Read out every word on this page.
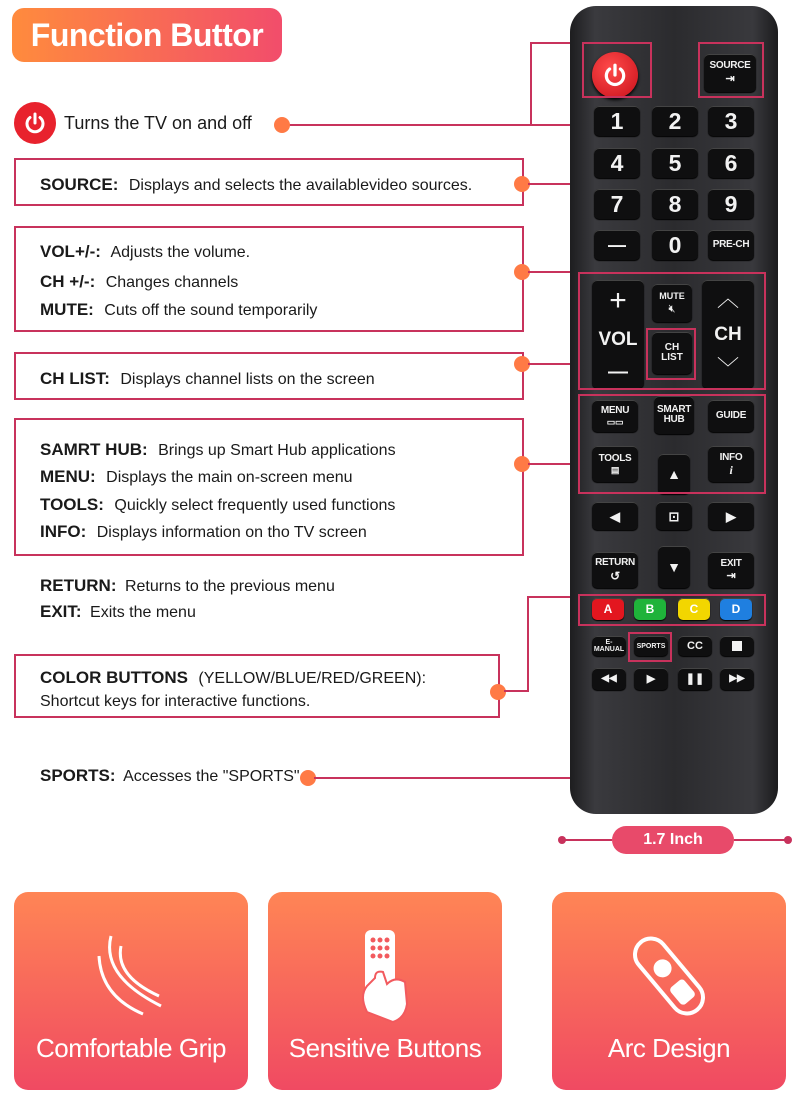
Function Buttor
Turns the TV on and off
SOURCE: Displays and selects the availablevideo sources.
VOL+/-: Adjusts the volume.
CH +/-: Changes channels
MUTE: Cuts off the sound temporarily
CH LIST: Displays channel lists on the screen
SAMRT HUB: Brings up Smart Hub applications
MENU: Displays the main on-screen menu
TOOLS: Quickly select frequently used functions
INFO: Displays information on tho TV screen
RETURN: Returns to the previous menu
EXIT: Exits the menu
COLOR BUTTONS (YELLOW/BLUE/RED/GREEN):
Shortcut keys for interactive functions.
SPORTS: Accesses the "SPORTS"
SOURCE
⇥
1	2	3
4	5	6
7	8	9
—	0	PRE-CH
+
VOL
—
MUTE
🔇︎
CH LIST
︿
CH
﹀
MENU
▭▭
SMART HUB	GUIDE
TOOLS
▤	▲
INFO
i
◀	⊡	▶
RETURN
↺
▼	EXIT
⇥
A	B	C	D
E-MANUAL	SPORTS	CC
◀◀	▶	❚❚	▶▶
1.7 Inch
Comfortable Grip	Sensitive Buttons	Arc Design
